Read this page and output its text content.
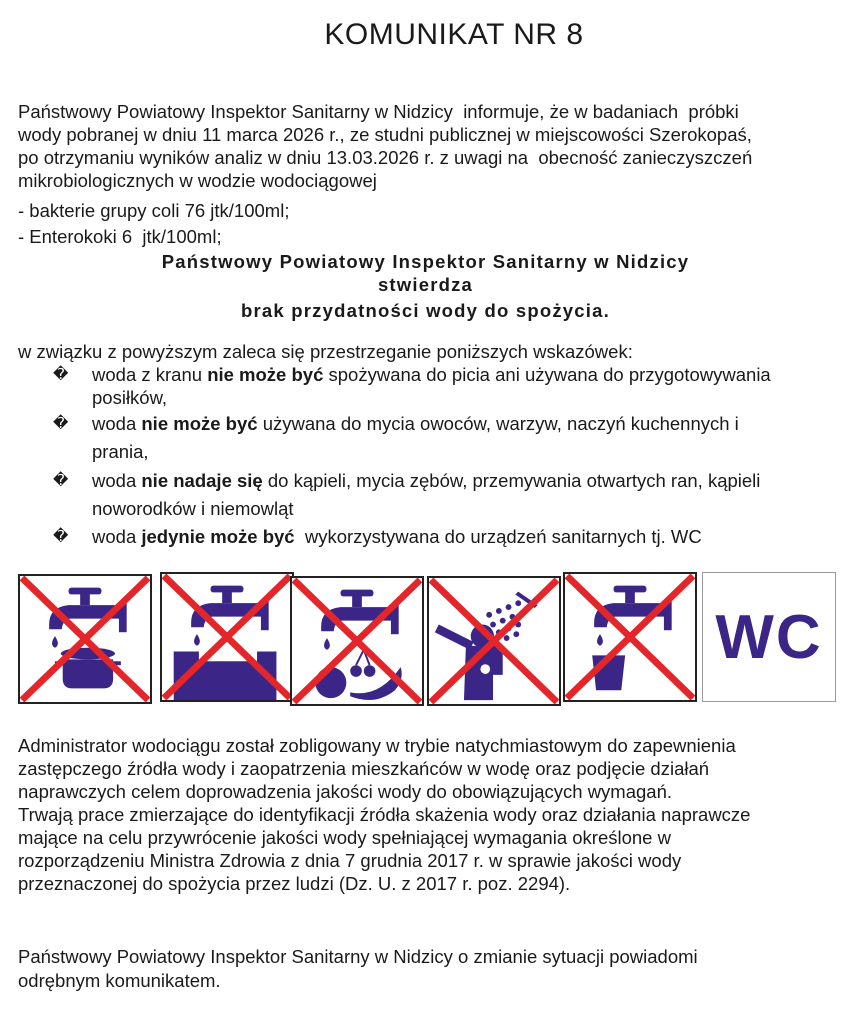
KOMUNIKAT NR 8
Państwowy Powiatowy Inspektor Sanitarny w Nidzicy  informuje, że w badaniach  próbki
wody pobranej w dniu 11 marca 2026 r., ze studni publicznej w miejscowości Szerokopaś,
po otrzymaniu wyników analiz w dniu 13.03.2026 r. z uwagi na  obecność zanieczyszczeń
mikrobiologicznych w wodzie wodociągowej
- bakterie grupy coli 76 jtk/100ml;
- Enterokoki 6  jtk/100ml;
Państwowy Powiatowy Inspektor Sanitarny w Nidzicy
stwierdza
brak przydatności wody do spożycia.
w związku z powyższym zaleca się przestrzeganie poniższych wskazówek:
� woda z kranu nie może być spożywana do picia ani używana do przygotowywania
posiłków,
� woda nie może być używana do mycia owoców, warzyw, naczyń kuchennych i
prania,
� woda nie nadaje się do kąpieli, mycia zębów, przemywania otwartych ran, kąpieli
noworodków i niemowląt
� woda jedynie może być  wykorzystywana do urządzeń sanitarnych tj. WC
WC
Administrator wodociągu został zobligowany w trybie natychmiastowym do zapewnienia
zastępczego źródła wody i zaopatrzenia mieszkańców w wodę oraz podjęcie działań
naprawczych celem doprowadzenia jakości wody do obowiązujących wymagań.
Trwają prace zmierzające do identyfikacji źródła skażenia wody oraz działania naprawcze
mające na celu przywrócenie jakości wody spełniającej wymagania określone w
rozporządzeniu Ministra Zdrowia z dnia 7 grudnia 2017 r. w sprawie jakości wody
przeznaczonej do spożycia przez ludzi (Dz. U. z 2017 r. poz. 2294).
Państwowy Powiatowy Inspektor Sanitarny w Nidzicy o zmianie sytuacji powiadomi
odrębnym komunikatem.
